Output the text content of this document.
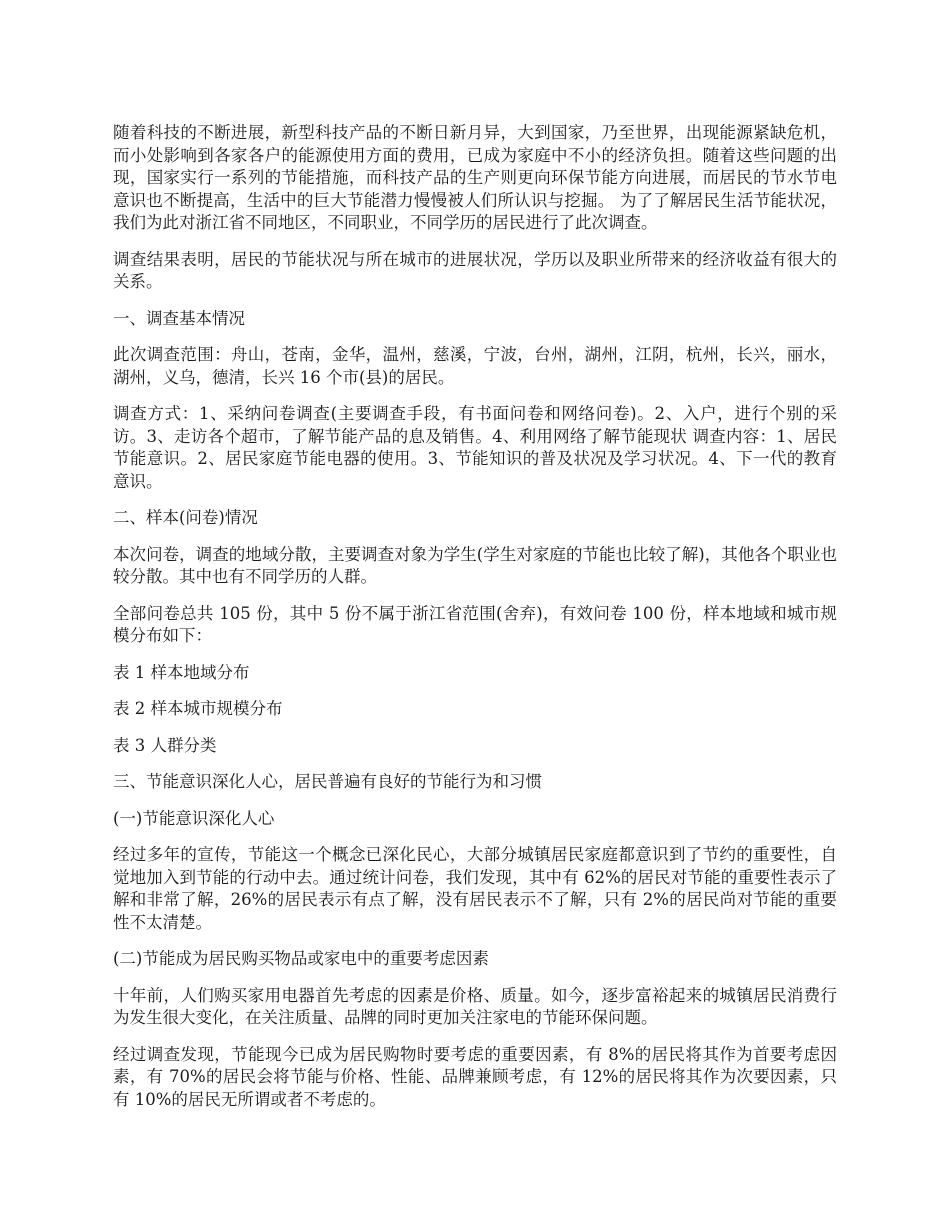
随着科技的不断进展，新型科技产品的不断日新月异，大到国家，乃至世界，出现能源紧缺危机，而小处影响到各家各户的能源使用方面的费用，已成为家庭中不小的经济负担。随着这些问题的出现，国家实行一系列的节能措施，而科技产品的生产则更向环保节能方向进展，而居民的节水节电意识也不断提高，生活中的巨大节能潜力慢慢被人们所认识与挖掘。 为了了解居民生活节能状况，我们为此对浙江省不同地区，不同职业，不同学历的居民进行了此次调查。

调查结果表明，居民的节能状况与所在城市的进展状况，学历以及职业所带来的经济收益有很大的关系。

一、调查基本情况

此次调查范围：舟山，苍南，金华，温州，慈溪，宁波，台州，湖州，江阴，杭州，长兴，丽水，湖州，义乌，德清，长兴 16 个市(县)的居民。

调查方式：1、采纳问卷调查(主要调查手段，有书面问卷和网络问卷)。2、入户，进行个别的采访。3、走访各个超市，了解节能产品的息及销售。4、利用网络了解节能现状 调查内容：1、居民节能意识。2、居民家庭节能电器的使用。3、节能知识的普及状况及学习状况。4、下一代的教育意识。

二、样本(问卷)情况

本次问卷，调查的地域分散，主要调查对象为学生(学生对家庭的节能也比较了解)，其他各个职业也较分散。其中也有不同学历的人群。

全部问卷总共 105 份，其中 5 份不属于浙江省范围(舍弃)，有效问卷 100 份，样本地域和城市规模分布如下：

表 1 样本地域分布

表 2 样本城市规模分布

表 3 人群分类

三、节能意识深化人心，居民普遍有良好的节能行为和习惯

(一)节能意识深化人心

经过多年的宣传，节能这一个概念已深化民心，大部分城镇居民家庭都意识到了节约的重要性，自觉地加入到节能的行动中去。通过统计问卷，我们发现，其中有 62%的居民对节能的重要性表示了解和非常了解，26%的居民表示有点了解，没有居民表示不了解，只有 2%的居民尚对节能的重要性不太清楚。

(二)节能成为居民购买物品或家电中的重要考虑因素

十年前，人们购买家用电器首先考虑的因素是价格、质量。如今，逐步富裕起来的城镇居民消费行为发生很大变化，在关注质量、品牌的同时更加关注家电的节能环保问题。

经过调查发现，节能现今已成为居民购物时要考虑的重要因素，有 8%的居民将其作为首要考虑因素，有 70%的居民会将节能与价格、性能、品牌兼顾考虑，有 12%的居民将其作为次要因素，只有 10%的居民无所谓或者不考虑的。
